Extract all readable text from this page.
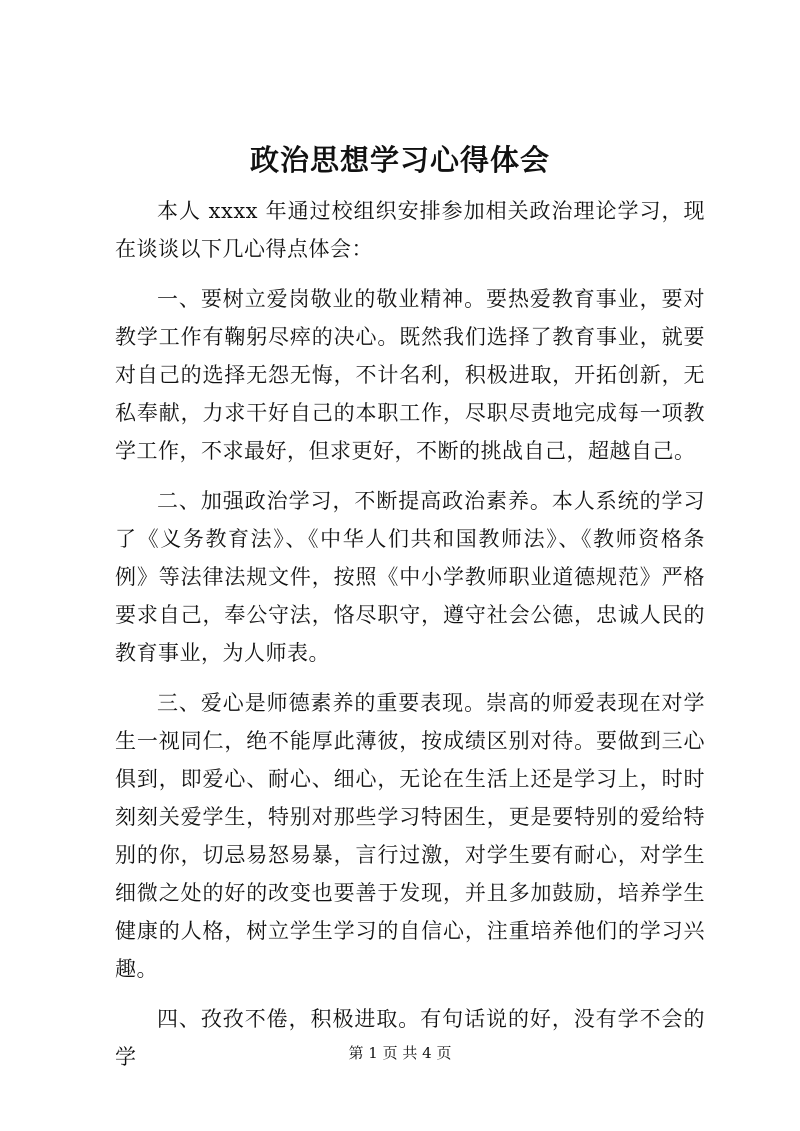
政治思想学习心得体会

本人 xxxx 年通过校组织安排参加相关政治理论学习，现在谈谈以下几心得点体会：

一、要树立爱岗敬业的敬业精神。要热爱教育事业，要对教学工作有鞠躬尽瘁的决心。既然我们选择了教育事业，就要对自己的选择无怨无悔，不计名利，积极进取，开拓创新，无私奉献，力求干好自己的本职工作，尽职尽责地完成每一项教学工作，不求最好，但求更好，不断的挑战自己，超越自己。

二、加强政治学习，不断提高政治素养。本人系统的学习了《义务教育法》、《中华人们共和国教师法》、《教师资格条例》等法律法规文件，按照《中小学教师职业道德规范》严格要求自己，奉公守法，恪尽职守，遵守社会公德，忠诚人民的教育事业，为人师表。

三、爱心是师德素养的重要表现。崇高的师爱表现在对学生一视同仁，绝不能厚此薄彼，按成绩区别对待。要做到三心俱到，即爱心、耐心、细心，无论在生活上还是学习上，时时刻刻关爱学生，特别对那些学习特困生，更是要特别的爱给特别的你，切忌易怒易暴，言行过激，对学生要有耐心，对学生细微之处的好的改变也要善于发现，并且多加鼓励，培养学生健康的人格，树立学生学习的自信心，注重培养他们的学习兴趣。

四、孜孜不倦，积极进取。有句话说的好，没有学不会的学	第 1 页 共 4 页
